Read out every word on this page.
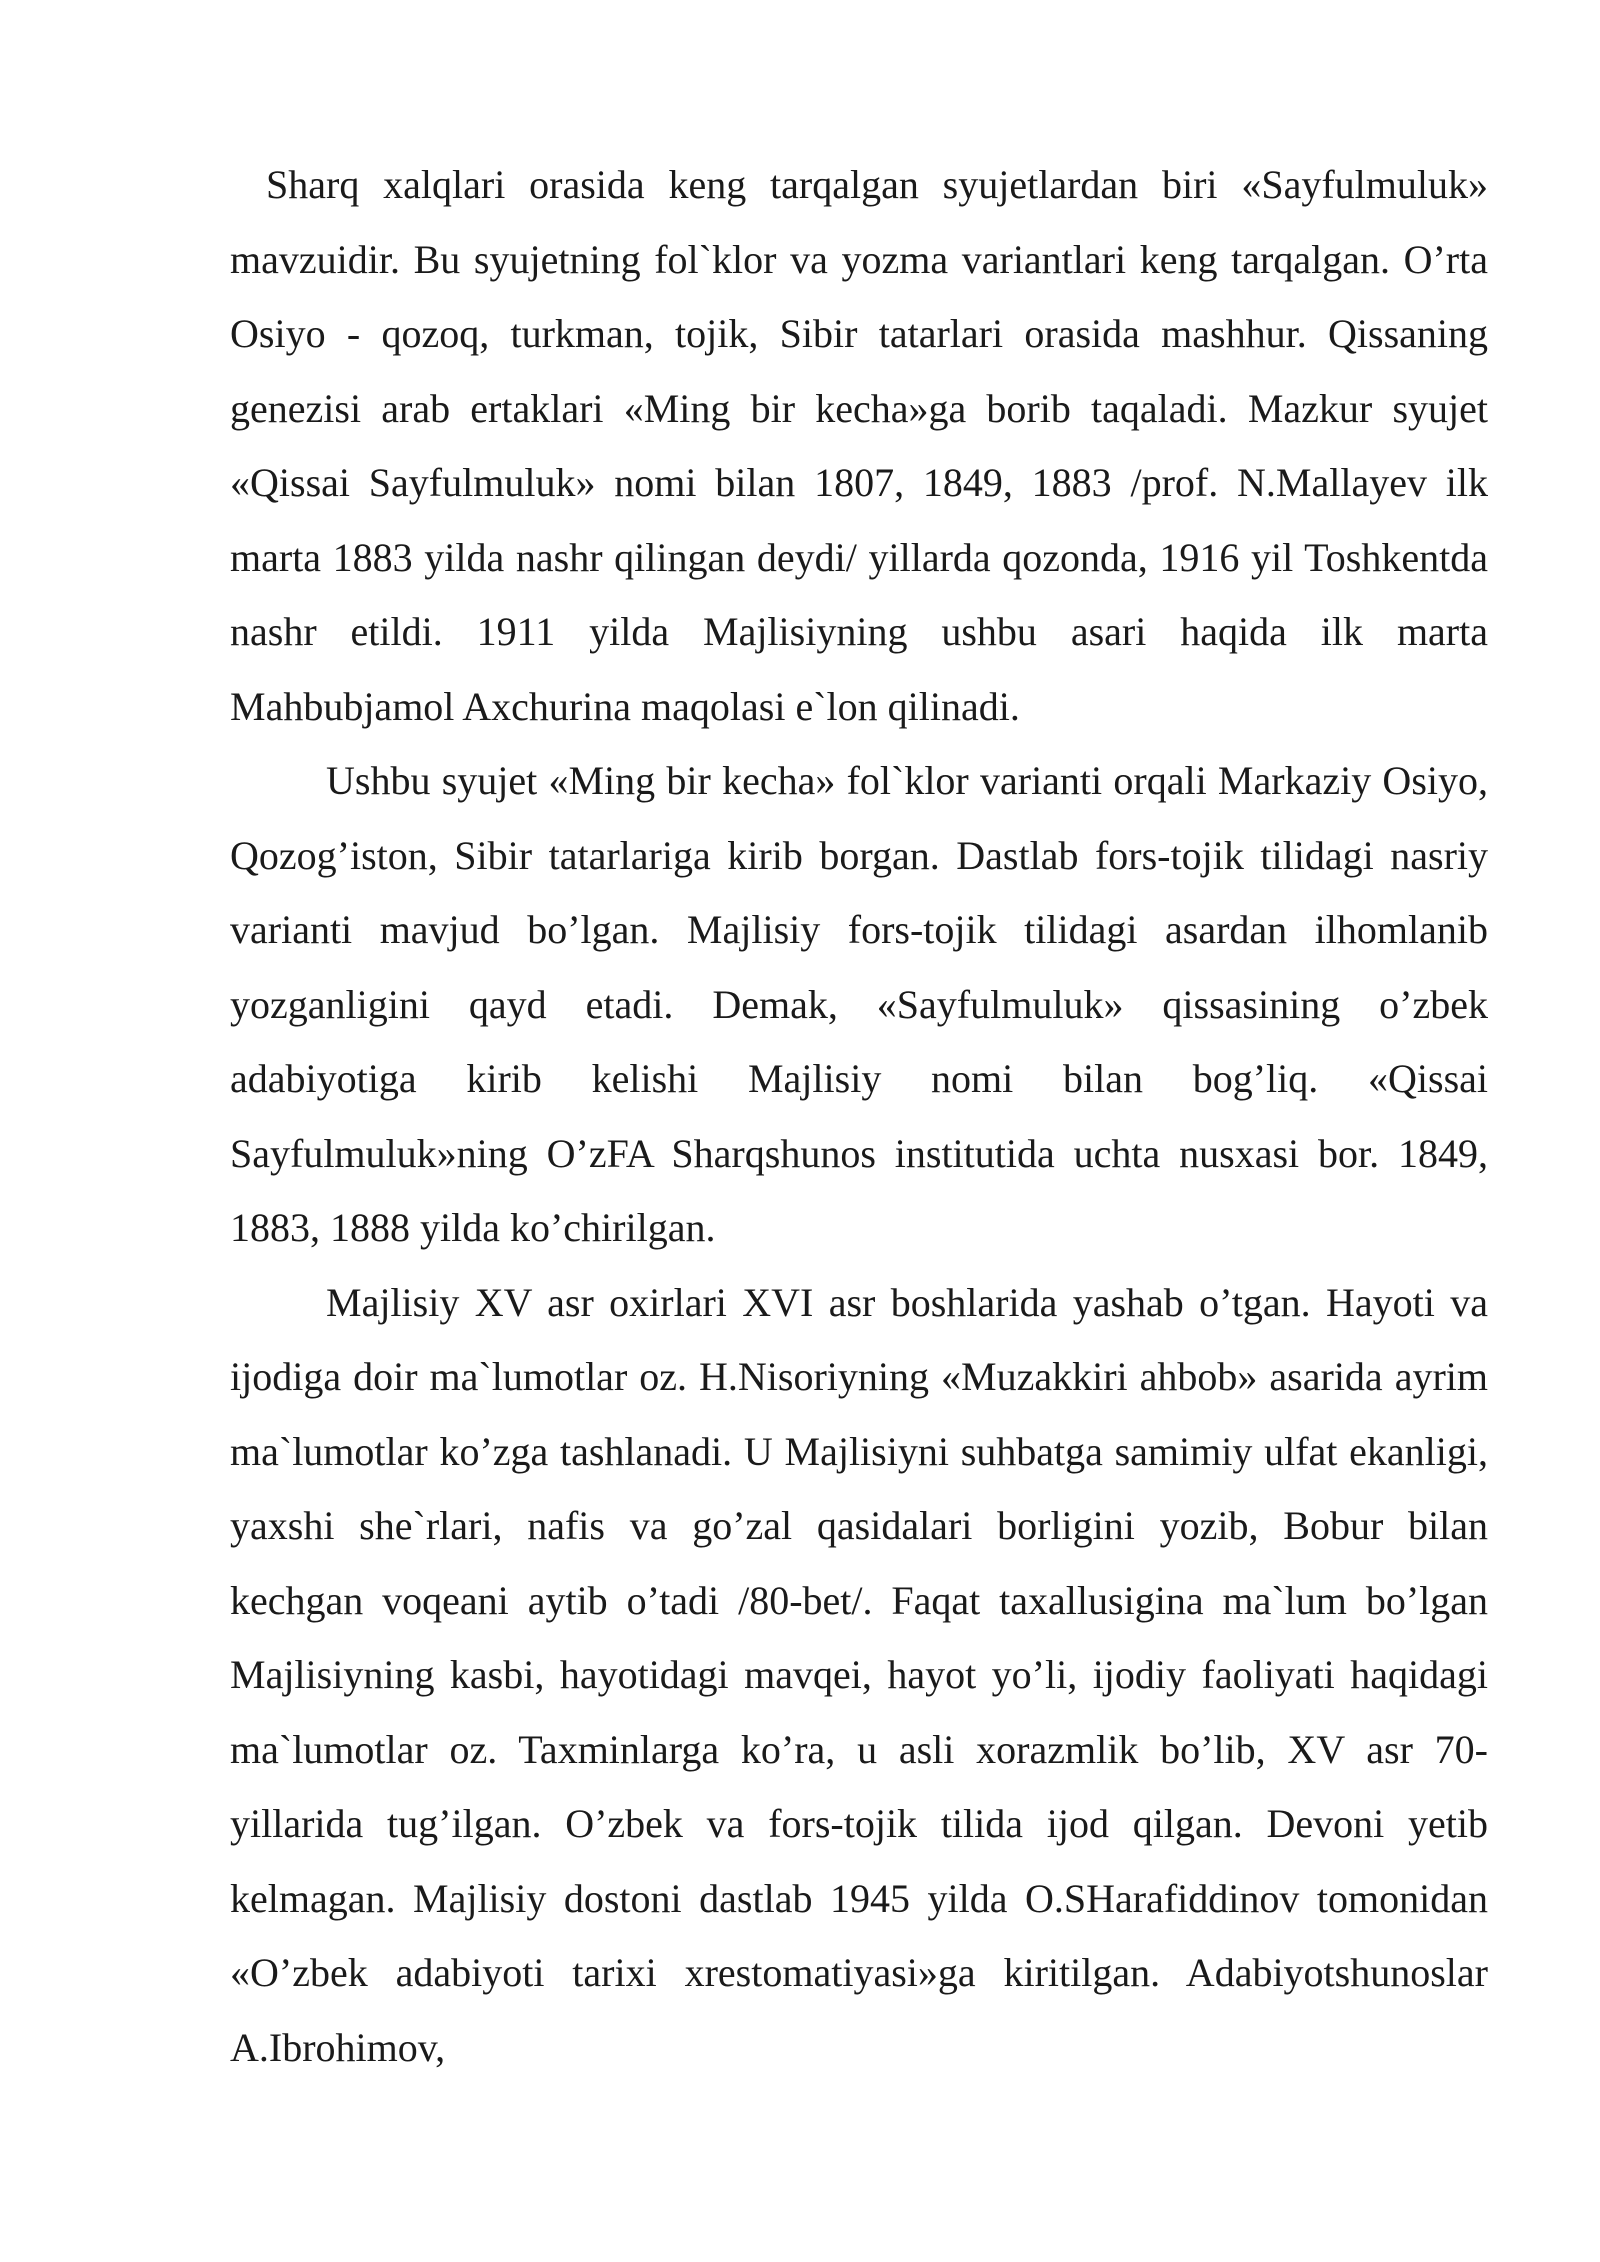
Sharq xalqlari orasida keng tarqalgan syujetlardan biri «Sayfulmuluk» mavzuidir. Bu syujetning fol`klor va yozma variantlari keng tarqalgan. O’rta Osiyo - qozoq, turkman, tojik, Sibir tatarlari orasida mashhur. Qissaning genezisi arab ertaklari «Ming bir kecha»ga borib taqaladi. Mazkur syujet «Qissai Sayfulmuluk» nomi bilan 1807, 1849, 1883 /prof. N.Mallayev ilk marta 1883 yilda nashr qilingan deydi/ yillarda qozonda, 1916 yil Toshkentda nashr etildi. 1911 yilda Majlisiyning ushbu asari haqida ilk marta Mahbubjamol Axchurina maqolasi e`lon qilinadi.

Ushbu syujet «Ming bir kecha» fol`klor varianti orqali Markaziy Osiyo, Qozog’iston, Sibir tatarlariga kirib borgan. Dastlab fors-tojik tilidagi nasriy varianti mavjud bo’lgan. Majlisiy fors-tojik tilidagi asardan ilhomlanib yozganligini qayd etadi. Demak, «Sayfulmuluk» qissasining o’zbek adabiyotiga kirib kelishi Majlisiy nomi bilan bog’liq. «Qissai Sayfulmuluk»ning O’zFA Sharqshunos institutida uchta nusxasi bor. 1849, 1883, 1888 yilda ko’chirilgan.

Majlisiy XV asr oxirlari XVI asr boshlarida yashab o’tgan. Hayoti va ijodiga doir ma`lumotlar oz. H.Nisoriyning «Muzakkiri ahbob» asarida ayrim ma`lumotlar ko’zga tashlanadi. U Majlisiyni suhbatga samimiy ulfat ekanligi, yaxshi she`rlari, nafis va go’zal qasidalari borligini yozib, Bobur bilan kechgan voqeani aytib o’tadi /80-bet/. Faqat taxallusigina ma`lum bo’lgan Majlisiyning kasbi, hayotidagi mavqei, hayot yo’li, ijodiy faoliyati haqidagi ma`lumotlar oz. Taxminlarga ko’ra, u asli xorazmlik bo’lib, XV asr 70-yillarida tug’ilgan. O’zbek va fors-tojik tilida ijod qilgan. Devoni yetib kelmagan. Majlisiy dostoni dastlab 1945 yilda O.SHarafiddinov tomonidan «O’zbek adabiyoti tarixi xrestomatiyasi»ga kiritilgan. Adabiyotshunoslar A.Ibrohimov,
